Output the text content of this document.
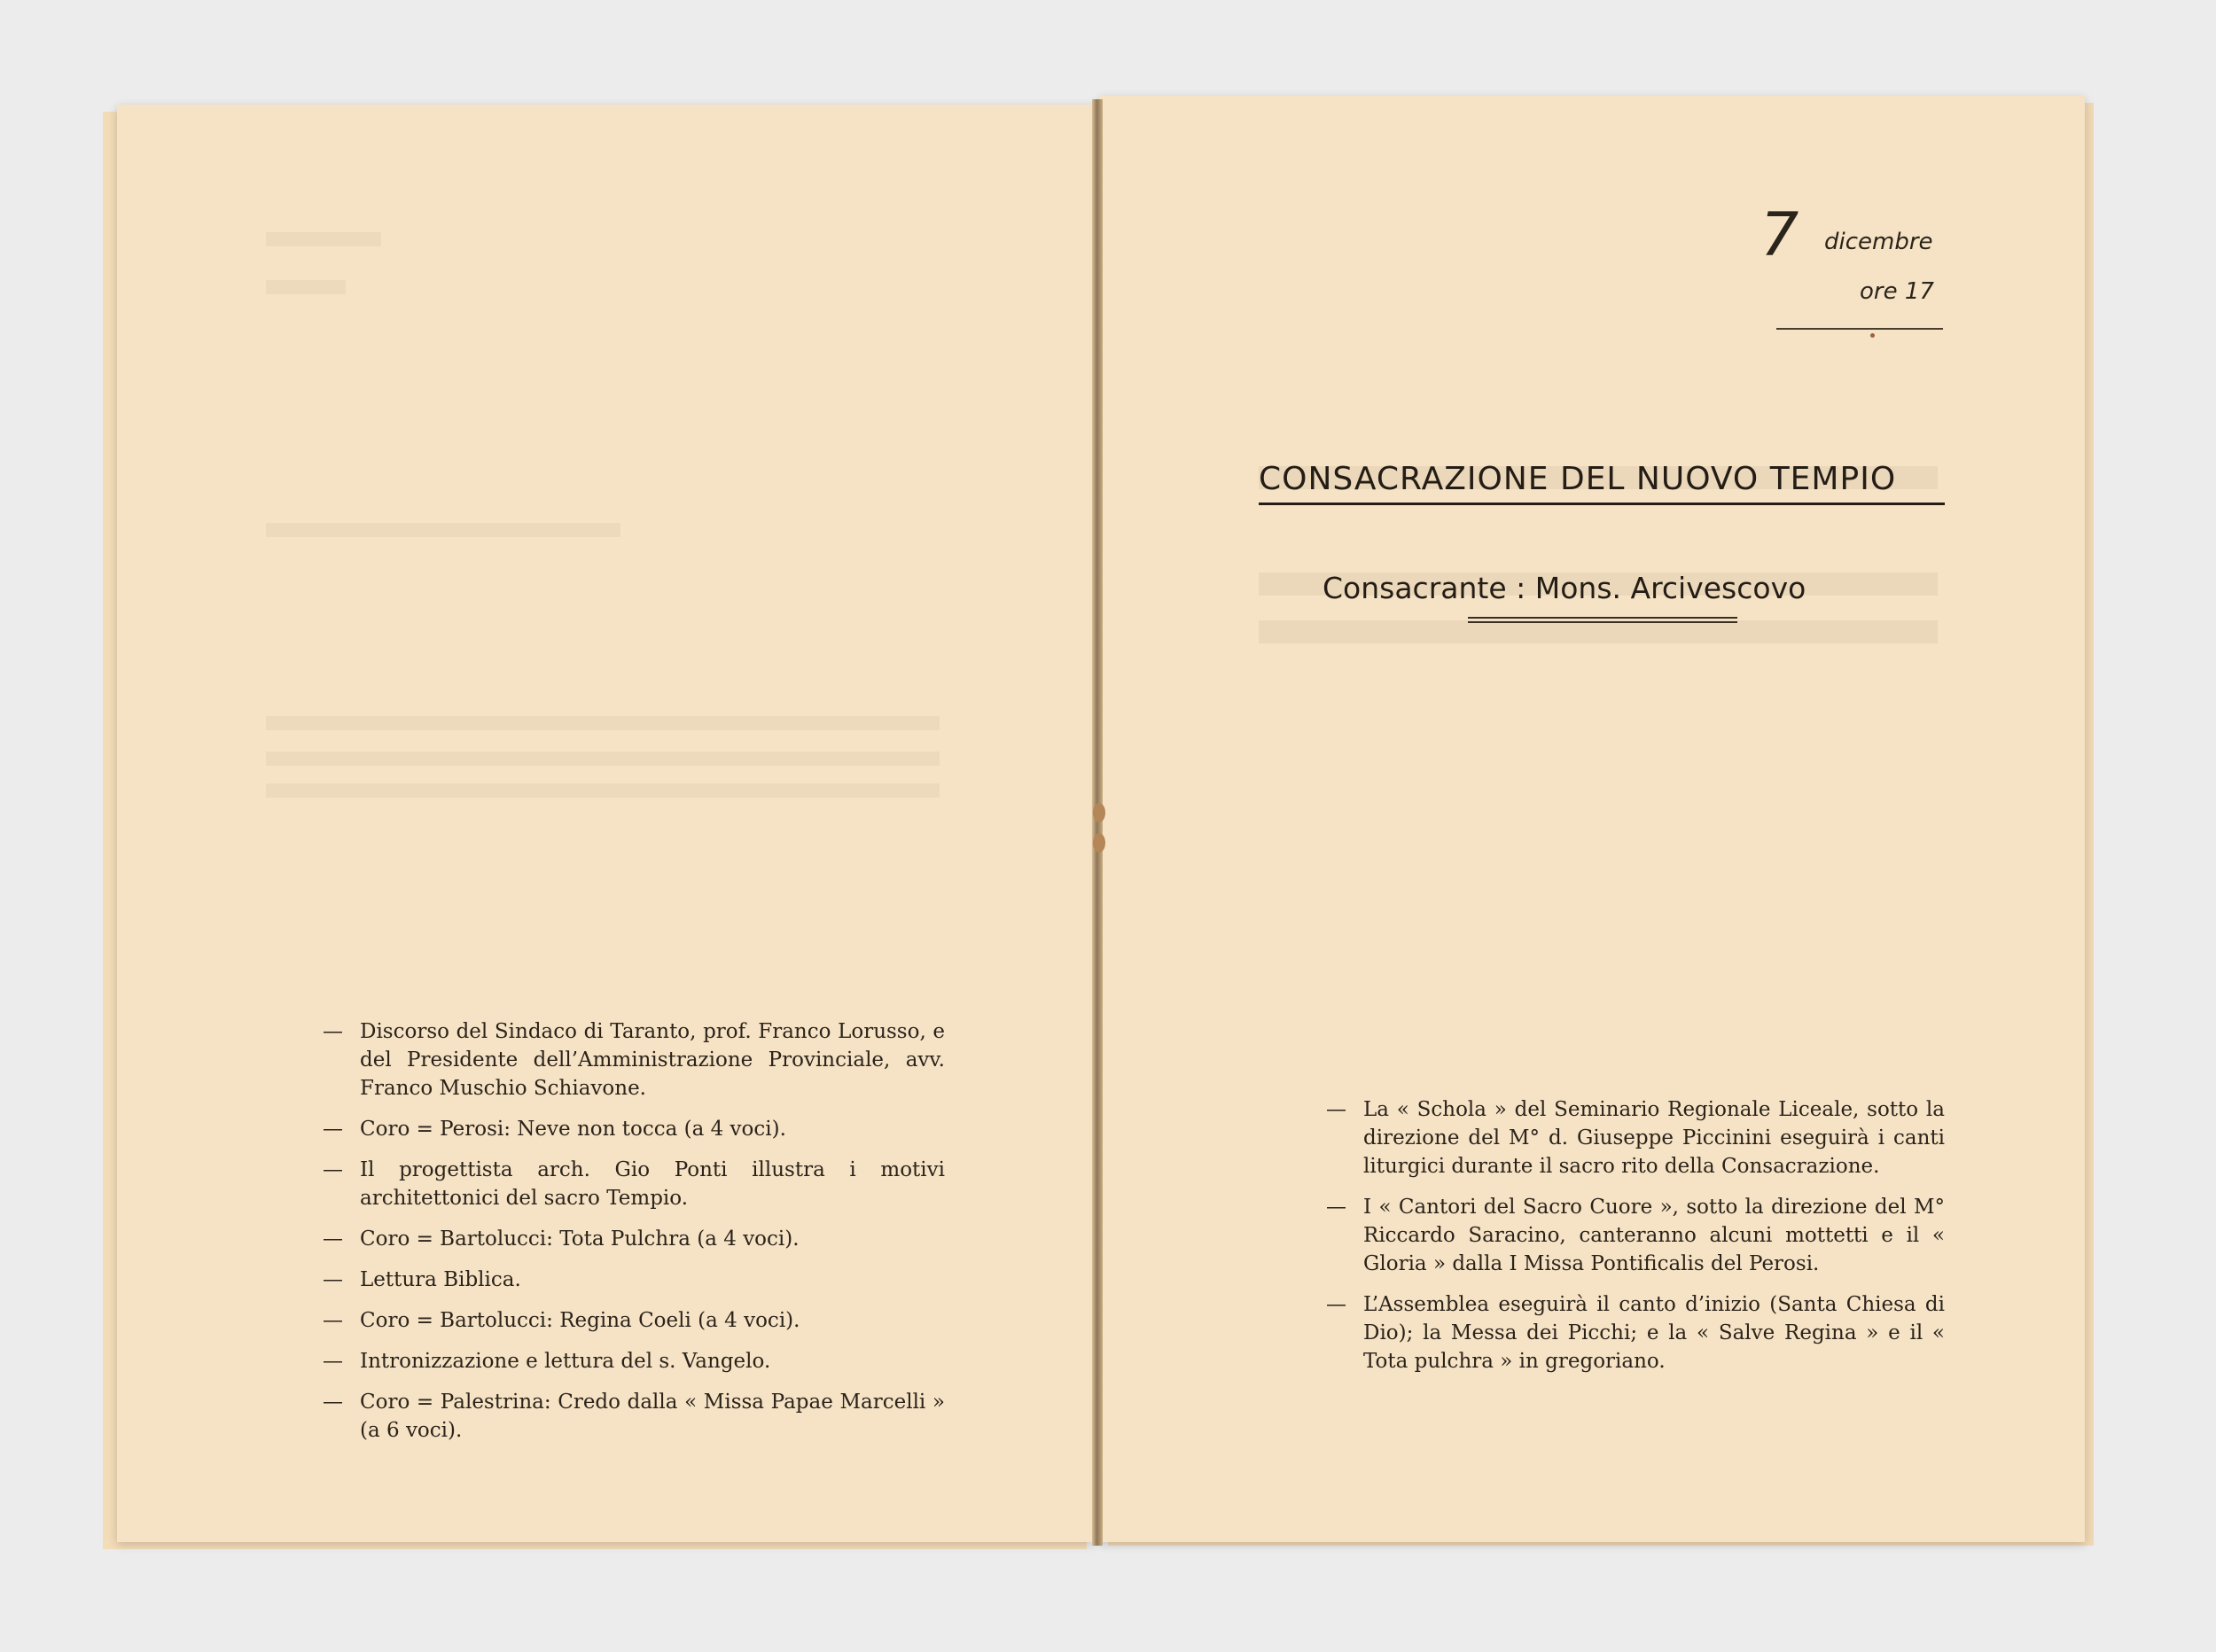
— Discorso del Sindaco di Taranto, prof. Franco Lorusso, e del Presidente dell’Amministrazione Provinciale, avv. Franco Muschio Schiavone.
— Coro = Perosi: Neve non tocca (a 4 voci).
— Il progettista arch. Gio Ponti illustra i motivi architettonici del sacro Tempio.
— Coro = Bartolucci: Tota Pulchra (a 4 voci).
— Lettura Biblica.
— Coro = Bartolucci: Regina Coeli (a 4 voci).
— Intronizzazione e lettura del s. Vangelo.
— Coro = Palestrina: Credo dalla « Missa Papae Marcelli » (a 6 voci).
7 dicembre
ore 17
CONSACRAZIONE DEL NUOVO TEMPIO
Consacrante : Mons. Arcivescovo
— La « Schola » del Seminario Regionale Liceale, sotto la direzione del M° d. Giuseppe Piccinini eseguirà i canti liturgici durante il sacro rito della Consacrazione.
— I « Cantori del Sacro Cuore », sotto la direzione del M° Riccardo Saracino, canteranno alcuni mottetti e il « Gloria » dalla I Missa Pontificalis del Perosi.
— L’Assemblea eseguirà il canto d’inizio (Santa Chiesa di Dio); la Messa dei Picchi; e la « Salve Regina » e il « Tota pulchra » in gregoriano.
